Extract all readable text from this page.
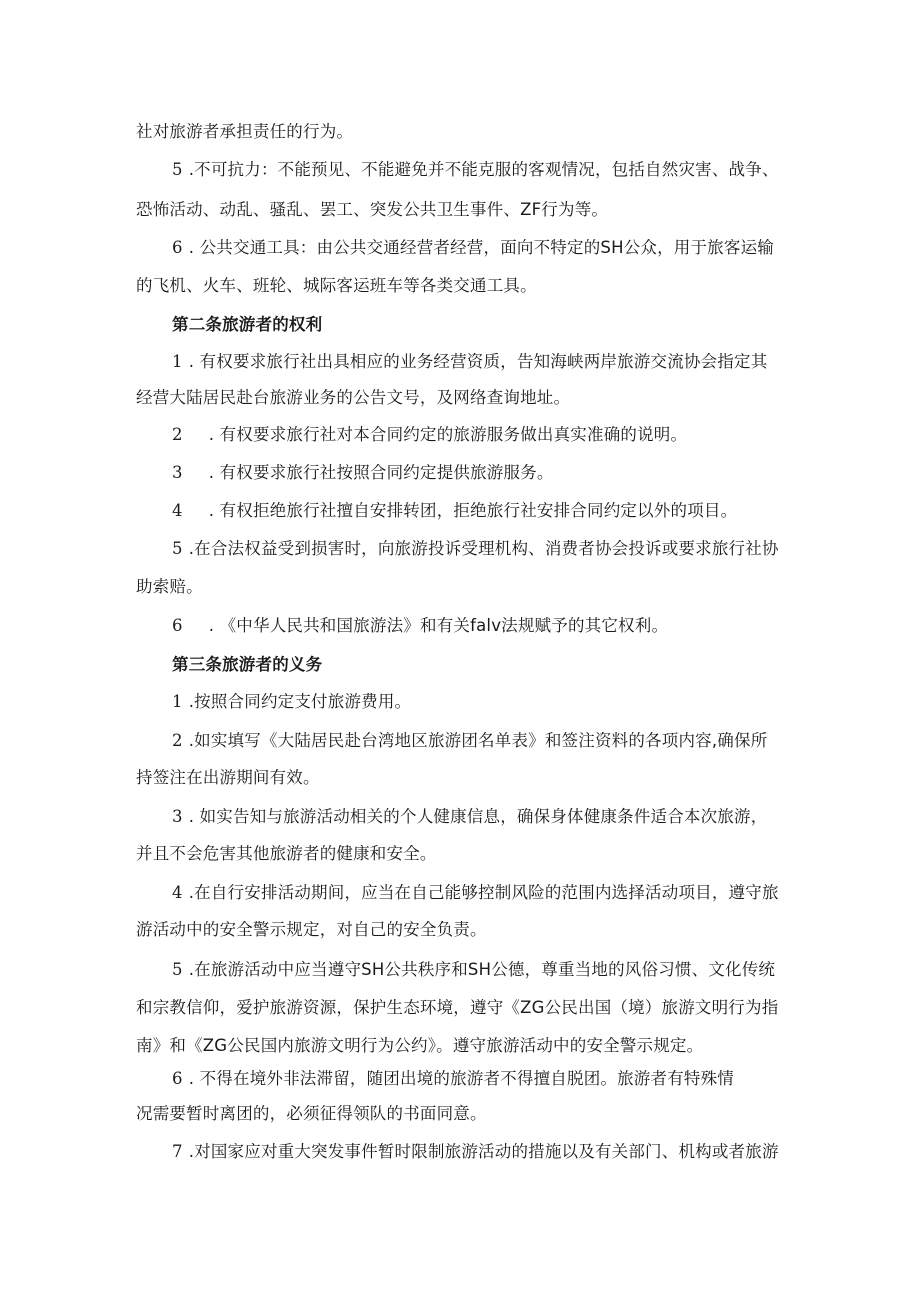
社对旅游者承担责任的行为。
5 .不可抗力：不能预见、不能避免并不能克服的客观情况，包括自然灾害、战争、
恐怖活动、动乱、骚乱、罢工、突发公共卫生事件、ZF行为等。
6 . 公共交通工具：由公共交通经营者经营，面向不特定的SH公众，用于旅客运输
的飞机、火车、班轮、城际客运班车等各类交通工具。
第二条旅游者的权利
1 . 有权要求旅行社出具相应的业务经营资质，告知海峡两岸旅游交流协会指定其
经营大陆居民赴台旅游业务的公告文号，及网络查询地址。
2 . 有权要求旅行社对本合同约定的旅游服务做出真实准确的说明。
3 . 有权要求旅行社按照合同约定提供旅游服务。
4 . 有权拒绝旅行社擅自安排转团，拒绝旅行社安排合同约定以外的项目。
5 .在合法权益受到损害时，向旅游投诉受理机构、消费者协会投诉或要求旅行社协
助索赔。
6 . 《中华人民共和国旅游法》和有关falv法规赋予的其它权利。
第三条旅游者的义务
1 .按照合同约定支付旅游费用。
2 .如实填写《大陆居民赴台湾地区旅游团名单表》和签注资料的各项内容,确保所
持签注在出游期间有效。
3 . 如实告知与旅游活动相关的个人健康信息，确保身体健康条件适合本次旅游，
并且不会危害其他旅游者的健康和安全。
4 .在自行安排活动期间，应当在自己能够控制风险的范围内选择活动项目，遵守旅
游活动中的安全警示规定，对自己的安全负责。
5 .在旅游活动中应当遵守SH公共秩序和SH公德，尊重当地的风俗习惯、文化传统
和宗教信仰，爱护旅游资源，保护生态环境，遵守《ZG公民出国（境）旅游文明行为指
南》和《ZG公民国内旅游文明行为公约》。遵守旅游活动中的安全警示规定。
6 . 不得在境外非法滞留，随团出境的旅游者不得擅自脱团。旅游者有特殊情
况需要暂时离团的，必须征得领队的书面同意。
7 .对国家应对重大突发事件暂时限制旅游活动的措施以及有关部门、机构或者旅游
